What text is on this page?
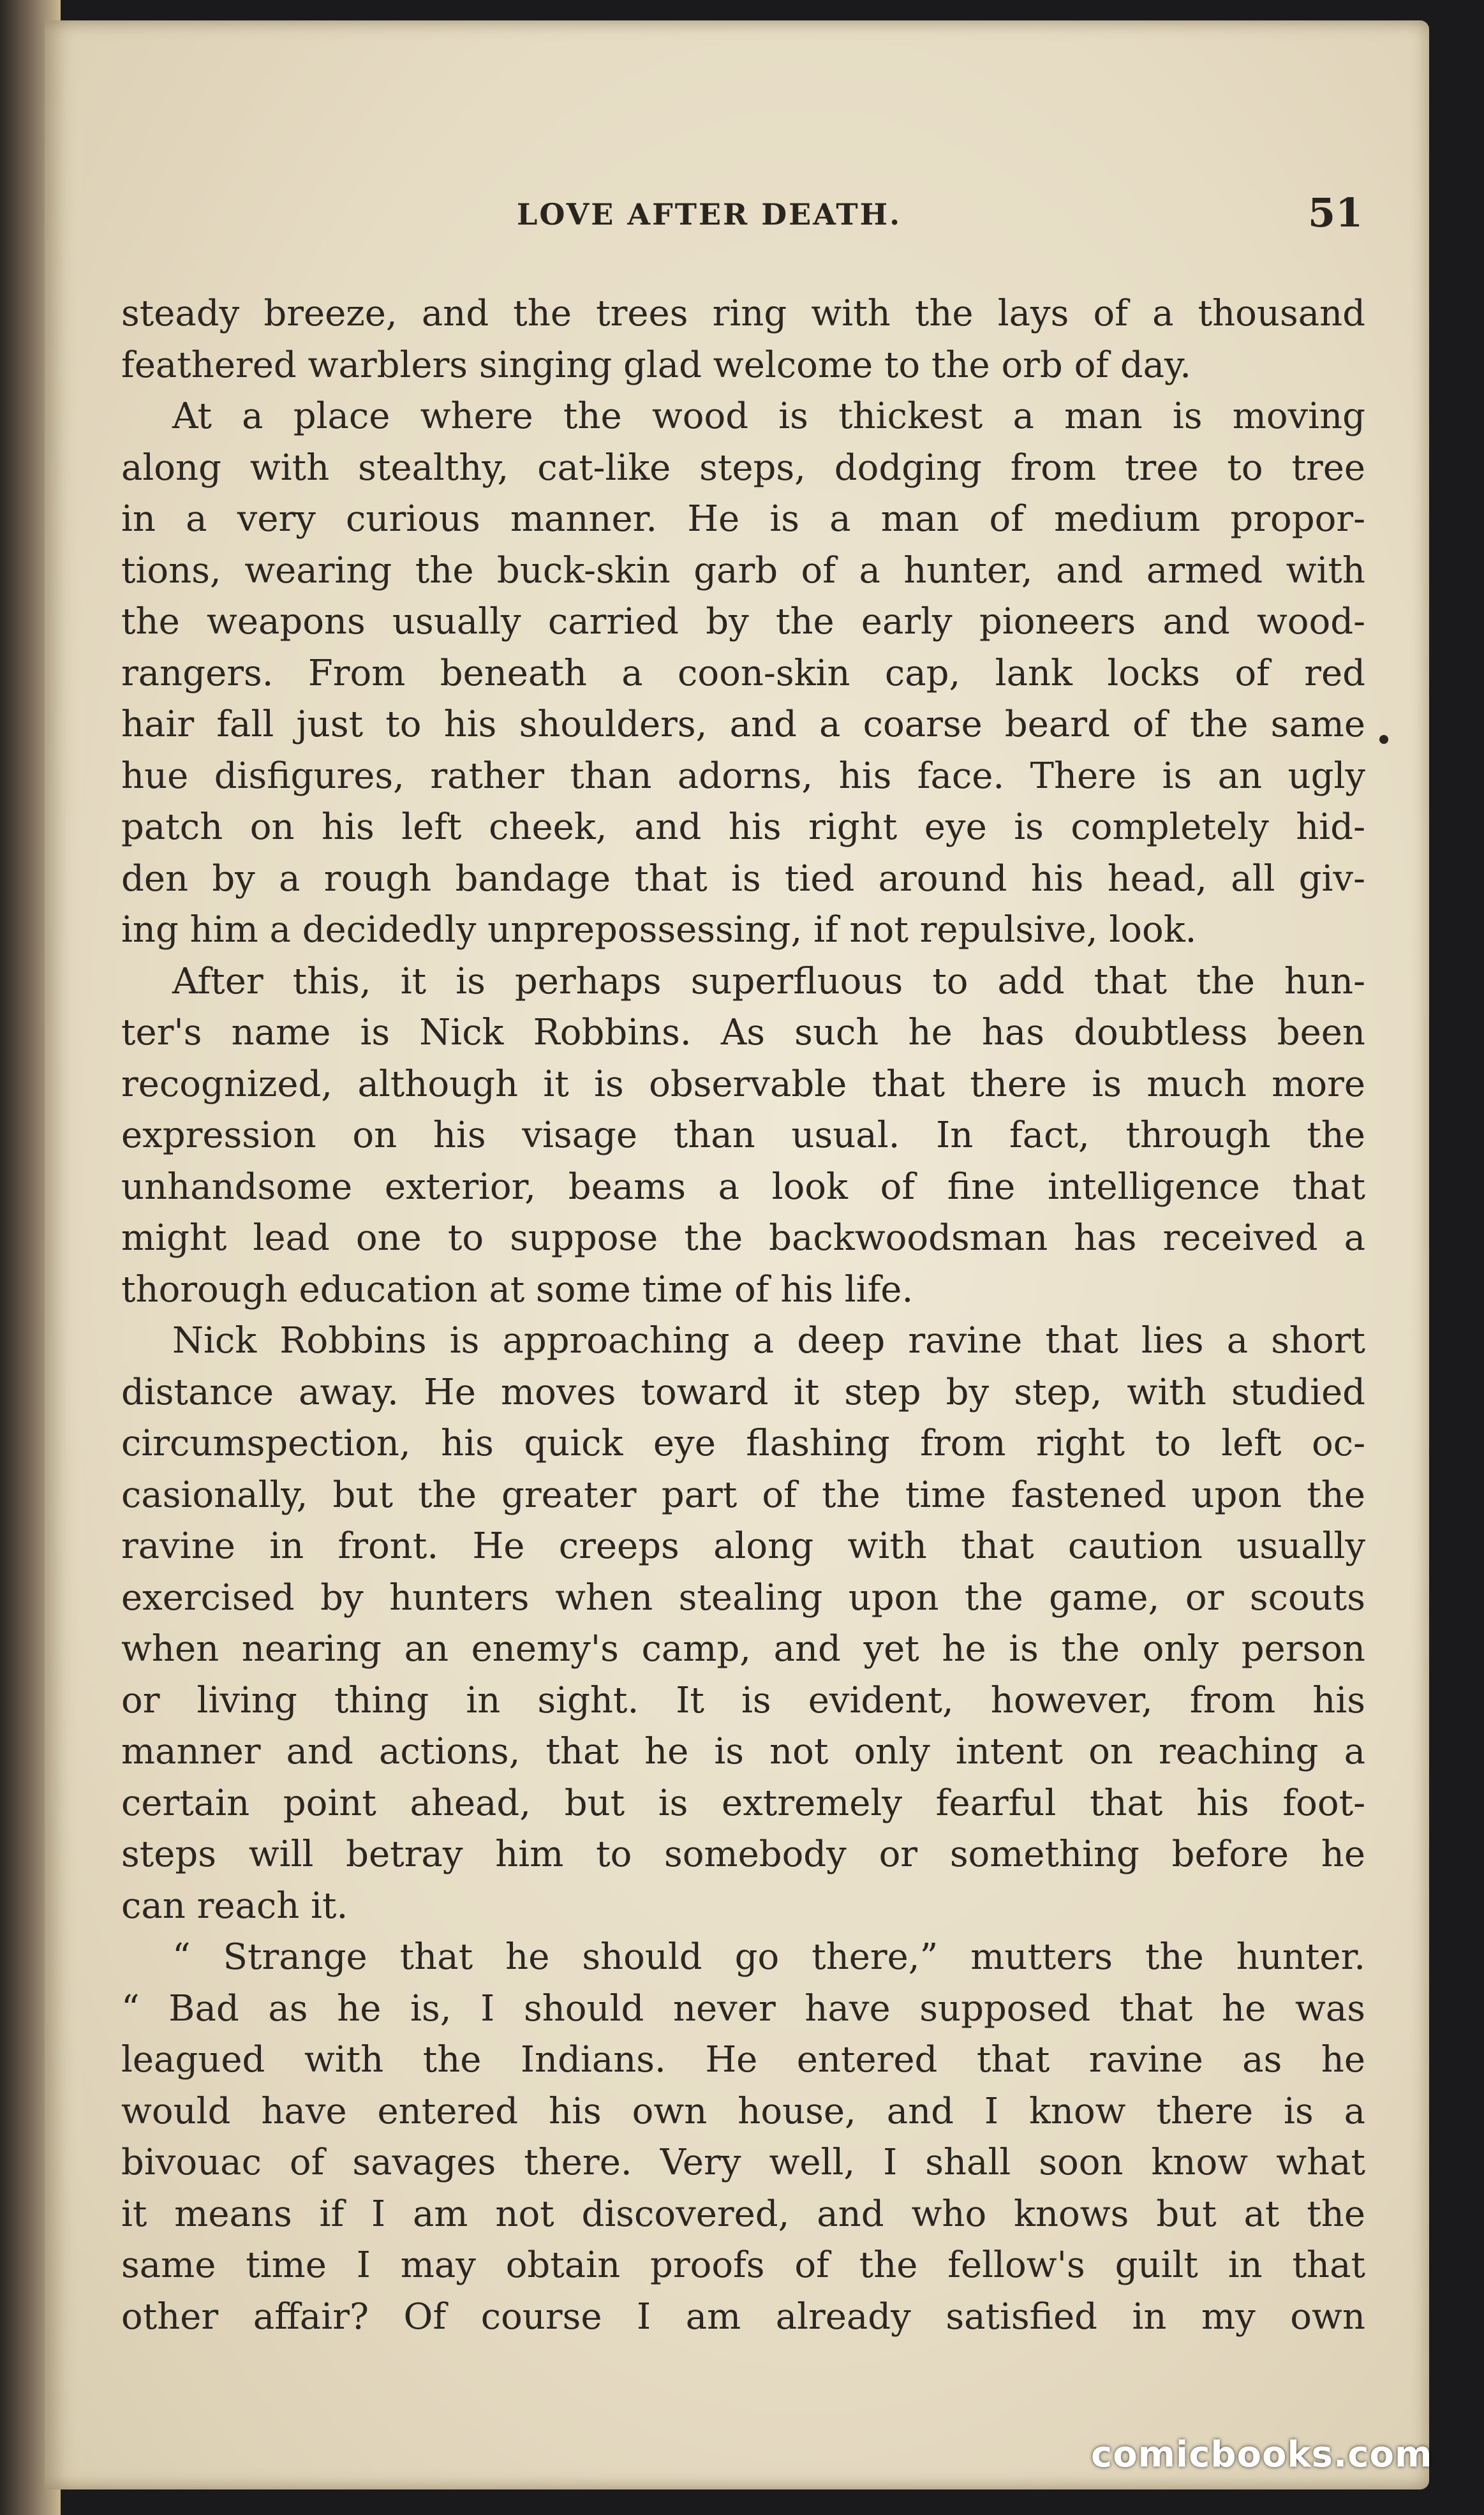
LOVE AFTER DEATH.	51
steady breeze, and the trees ring with the lays of a thousand
feathered warblers singing glad welcome to the orb of day.
At a place where the wood is thickest a man is moving
along with stealthy, cat-like steps, dodging from tree to tree
in a very curious manner. He is a man of medium propor-
tions, wearing the buck-skin garb of a hunter, and armed with
the weapons usually carried by the early pioneers and wood-
rangers. From beneath a coon-skin cap, lank locks of red
hair fall just to his shoulders, and a coarse beard of the same
hue disfigures, rather than adorns, his face. There is an ugly
patch on his left cheek, and his right eye is completely hid-
den by a rough bandage that is tied around his head, all giv-
ing him a decidedly unprepossessing, if not repulsive, look.
After this, it is perhaps superfluous to add that the hun-
ter's name is Nick Robbins. As such he has doubtless been
recognized, although it is observable that there is much more
expression on his visage than usual. In fact, through the
unhandsome exterior, beams a look of fine intelligence that
might lead one to suppose the backwoodsman has received a
thorough education at some time of his life.
Nick Robbins is approaching a deep ravine that lies a short
distance away. He moves toward it step by step, with studied
circumspection, his quick eye flashing from right to left oc-
casionally, but the greater part of the time fastened upon the
ravine in front. He creeps along with that caution usually
exercised by hunters when stealing upon the game, or scouts
when nearing an enemy's camp, and yet he is the only person
or living thing in sight. It is evident, however, from his
manner and actions, that he is not only intent on reaching a
certain point ahead, but is extremely fearful that his foot-
steps will betray him to somebody or something before he
can reach it.
“ Strange that he should go there,” mutters the hunter.
“ Bad as he is, I should never have supposed that he was
leagued with the Indians. He entered that ravine as he
would have entered his own house, and I know there is a
bivouac of savages there. Very well, I shall soon know what
it means if I am not discovered, and who knows but at the
same time I may obtain proofs of the fellow's guilt in that
other affair? Of course I am already satisfied in my own
comicbooks.com
